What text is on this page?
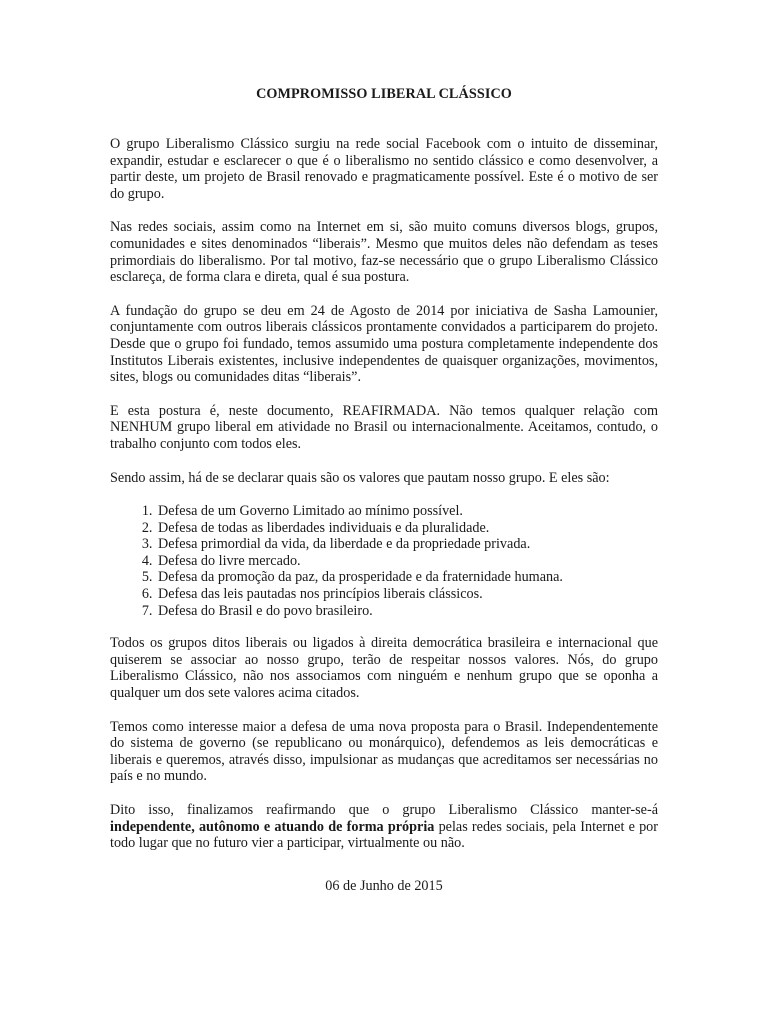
COMPROMISSO LIBERAL CLÁSSICO

O grupo Liberalismo Clássico surgiu na rede social Facebook com o intuito de disseminar, expandir, estudar e esclarecer o que é o liberalismo no sentido clássico e como desenvolver, a partir deste, um projeto de Brasil renovado e pragmaticamente possível. Este é o motivo de ser do grupo.

Nas redes sociais, assim como na Internet em si, são muito comuns diversos blogs, grupos, comunidades e sites denominados “liberais”. Mesmo que muitos deles não defendam as teses primordiais do liberalismo. Por tal motivo, faz-se necessário que o grupo Liberalismo Clássico esclareça, de forma clara e direta, qual é sua postura.

A fundação do grupo se deu em 24 de Agosto de 2014 por iniciativa de Sasha Lamounier, conjuntamente com outros liberais clássicos prontamente convidados a participarem do projeto. Desde que o grupo foi fundado, temos assumido uma postura completamente independente dos Institutos Liberais existentes, inclusive independentes de quaisquer organizações, movimentos, sites, blogs ou comunidades ditas “liberais”.

E esta postura é, neste documento, REAFIRMADA. Não temos qualquer relação com NENHUM grupo liberal em atividade no Brasil ou internacionalmente. Aceitamos, contudo, o trabalho conjunto com todos eles.

Sendo assim, há de se declarar quais são os valores que pautam nosso grupo. E eles são:

1. Defesa de um Governo Limitado ao mínimo possível.
2. Defesa de todas as liberdades individuais e da pluralidade.
3. Defesa primordial da vida, da liberdade e da propriedade privada.
4. Defesa do livre mercado.
5. Defesa da promoção da paz, da prosperidade e da fraternidade humana.
6. Defesa das leis pautadas nos princípios liberais clássicos.
7. Defesa do Brasil e do povo brasileiro.

Todos os grupos ditos liberais ou ligados à direita democrática brasileira e internacional que quiserem se associar ao nosso grupo, terão de respeitar nossos valores. Nós, do grupo Liberalismo Clássico, não nos associamos com ninguém e nenhum grupo que se oponha a qualquer um dos sete valores acima citados.

Temos como interesse maior a defesa de uma nova proposta para o Brasil. Independentemente do sistema de governo (se republicano ou monárquico), defendemos as leis democráticas e liberais e queremos, através disso, impulsionar as mudanças que acreditamos ser necessárias no país e no mundo.

Dito isso, finalizamos reafirmando que o grupo Liberalismo Clássico manter-se-á independente, autônomo e atuando de forma própria pelas redes sociais, pela Internet e por todo lugar que no futuro vier a participar, virtualmente ou não.

06 de Junho de 2015
